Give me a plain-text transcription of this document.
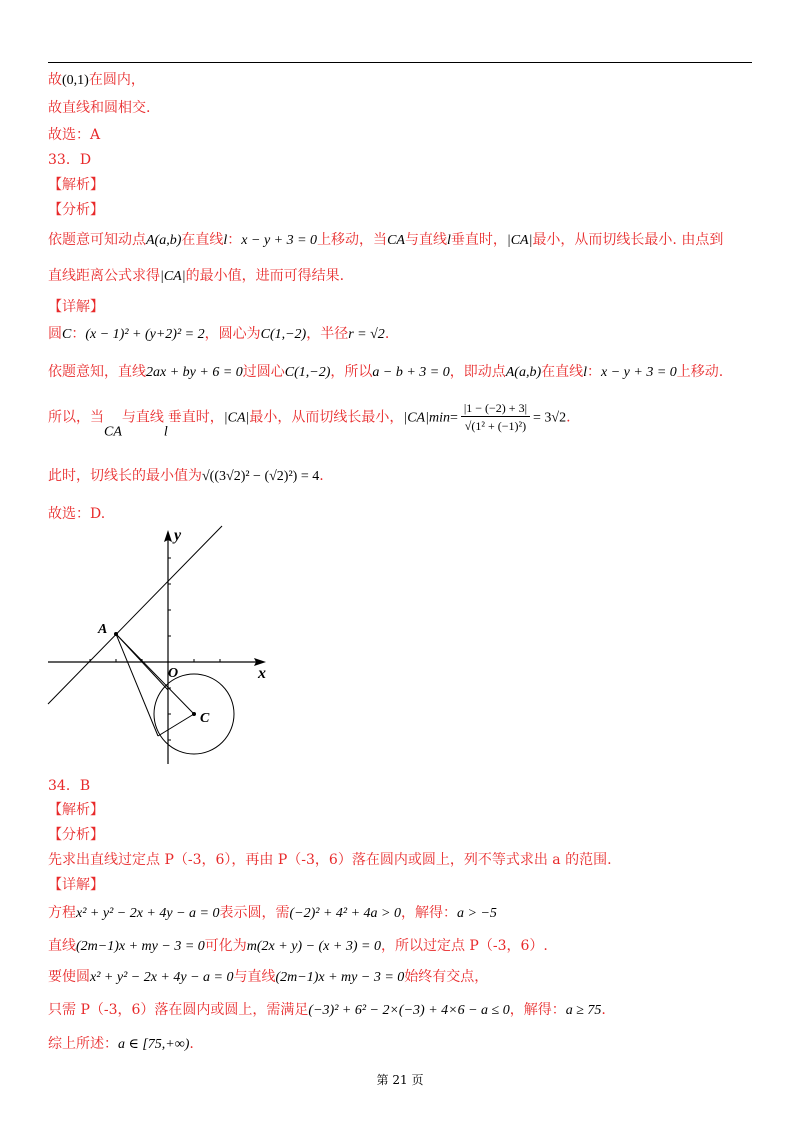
故(0,1)在圆内，
故直线和圆相交.
故选：A
33．D
【解析】
【分析】
依题意可知动点A(a,b)在直线l：x − y + 3 = 0上移动，当CA与直线l垂直时，|CA|最小，从而切线长最小. 由点到
直线距离公式求得|CA|的最小值，进而可得结果.
【详解】
圆C：(x − 1)² + (y+2)² = 2，圆心为C(1,−2)，半径r = √2.
依题意知，直线2ax + by + 6 = 0过圆心C(1,−2)，所以a − b + 3 = 0，即动点A(a,b)在直线l：x − y + 3 = 0上移动.
所以，当CA与直线l垂直时，|CA|最小，从而切线长最小，$|CA|\min= \frac{|1 - (-2) + 3|}{\text{√(1² + (−1)²)}} = 3√2$.
此时，切线长的最小值为√((3√2)² − (√2)²) = 4.
故选：D.
y
x
O
A
C
34．B
【解析】
【分析】
先求出直线过定点 P（-3，6），再由 P（-3，6）落在圆内或圆上，列不等式求出 a 的范围.
【详解】
方程x² + y² − 2x + 4y − a = 0表示圆，需(−2)² + 4² + 4a > 0，解得：a > −5
直线(2m−1)x + my − 3 = 0可化为m(2x + y) − (x + 3) = 0，所以过定点 P（-3，6）.
要使圆x² + y² − 2x + 4y − a = 0与直线(2m−1)x + my − 3 = 0始终有交点，
只需 P（-3，6）落在圆内或圆上，需满足(−3)² + 6² − 2×(−3) + 4×6 − a ≤ 0，解得：a ≥ 75.
综上所述：a ∈ [75,+∞).
第 21 页
